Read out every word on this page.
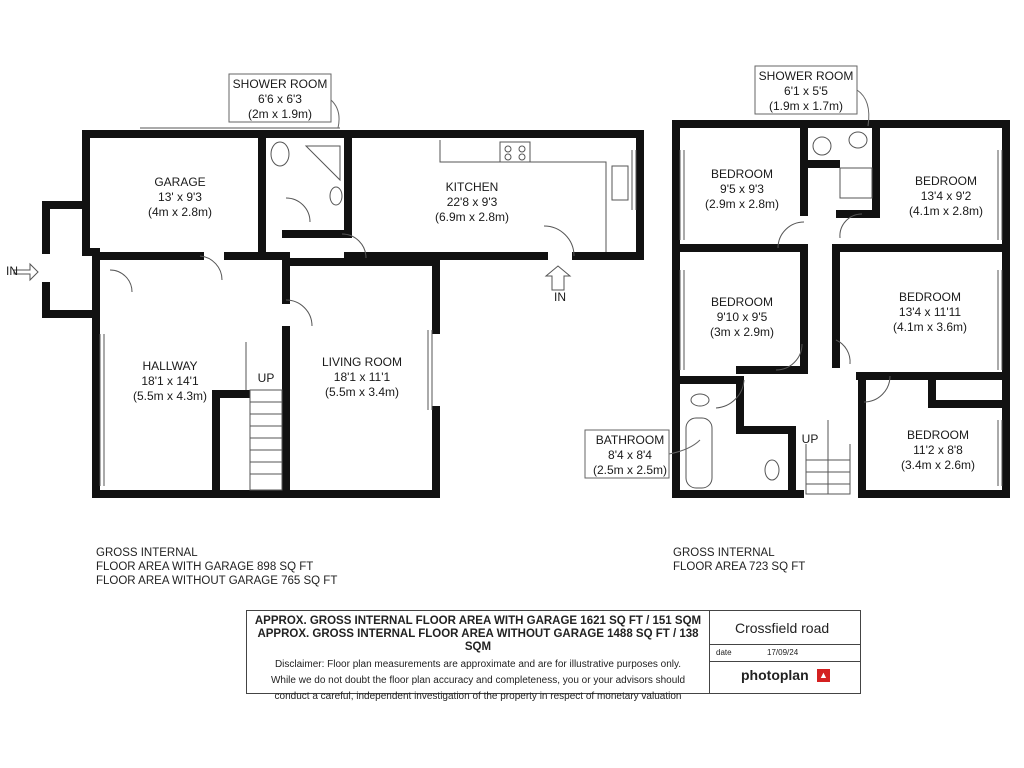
SHOWER ROOM
6'6 x 6'3
(2m x 1.9m)
GARAGE
13' x 9'3
(4m x 2.8m)
KITCHEN
22'8 x 9'3
(6.9m x 2.8m)
HALLWAY
18'1 x 14'1
(5.5m x 4.3m)
LIVING ROOM
18'1 x 11'1
(5.5m x 3.4m)
SHOWER ROOM
6'1 x 5'5
(1.9m x 1.7m)
BEDROOM
9'5 x 9'3
(2.9m x 2.8m)
BEDROOM
13'4 x 9'2
(4.1m x 2.8m)
BEDROOM
9'10 x 9'5
(3m x 2.9m)
BEDROOM
13'4 x 11'11
(4.1m x 3.6m)
BATHROOM
8'4 x 8'4
(2.5m x 2.5m)
BEDROOM
11'2 x 8'8
(3.4m x 2.6m)
IN
IN
UP
UP
GROSS INTERNAL
FLOOR AREA WITH GARAGE 898 SQ FT
FLOOR AREA WITHOUT GARAGE 765 SQ FT
GROSS INTERNAL
FLOOR AREA 723 SQ FT
APPROX. GROSS INTERNAL FLOOR AREA WITH GARAGE 1621 SQ FT / 151 SQM
APPROX. GROSS INTERNAL FLOOR AREA WITHOUT GARAGE 1488 SQ FT / 138 SQM
Disclaimer: Floor plan measurements are approximate and are for illustrative purposes only.
While we do not doubt the floor plan accuracy and completeness, you or your advisors should
conduct a careful, independent investigation of the property in respect of monetary valuation
Crossfield road
date	17/09/24
photoplan ▲
